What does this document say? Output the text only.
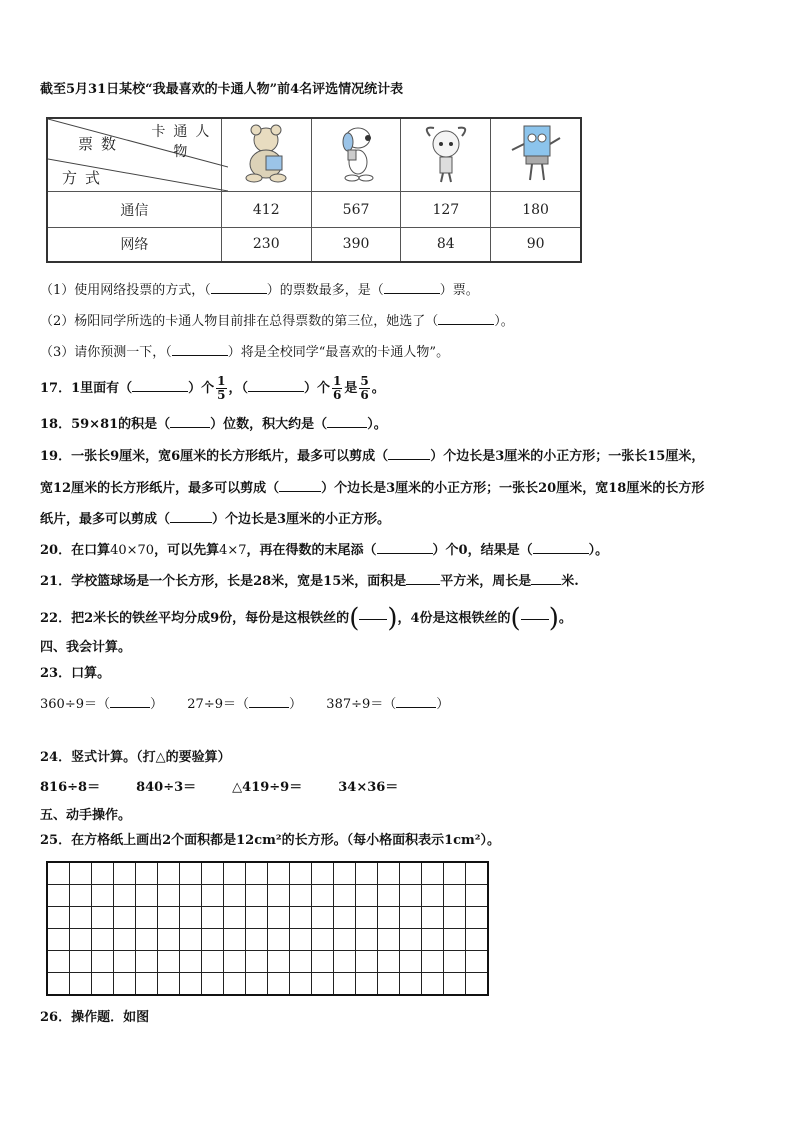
截至5月31日某校“我最喜欢的卡通人物”前4名评选情况统计表
票数
卡通人物
方式

通信	412	567	127	180
网络	230	390	84	90
（1）使用网络投票的方式，（	）的票数最多，是（	）票。
（2）杨阳同学所选的卡通人物目前排在总得票数的第三位，她选了（	）。
（3）请你预测一下，（	）将是全校同学“最喜欢的卡通人物”。
17．1里面有（	）个 $\frac{1}{5}$ ，（	）个 $\frac{1}{6}$ 是 $\frac{5}{6}$ 。
18．59×81的积是（	）位数，积大约是（	）。
19．一张长9厘米，宽6厘米的长方形纸片，最多可以剪成（	）个边长是3厘米的小正方形；一张长15厘米，
宽12厘米的长方形纸片，最多可以剪成（	）个边长是3厘米的小正方形；一张长20厘米，宽18厘米的长方形
纸片，最多可以剪成（	）个边长是3厘米的小正方形。
20．在口算40×70，可以先算4×7，再在得数的末尾添（	）个0，结果是（	）。
21．学校篮球场是一个长方形，长是28米，宽是15米，面积是	平方米，周长是 米.
22．把2米长的铁丝平均分成9份，每份是这根铁丝的( )，4份是这根铁丝的( )。
四、我会计算。
23．口算。
360÷9＝（	） 27÷9＝（	） 387÷9＝（	）
24．竖式计算。（打△的要验算）
816÷8＝	840÷3＝	△419÷9＝	34×36＝
五、动手操作。
25．在方格纸上画出2个面积都是12cm²的长方形。（每小格面积表示1cm²）。

26．操作题．如图
